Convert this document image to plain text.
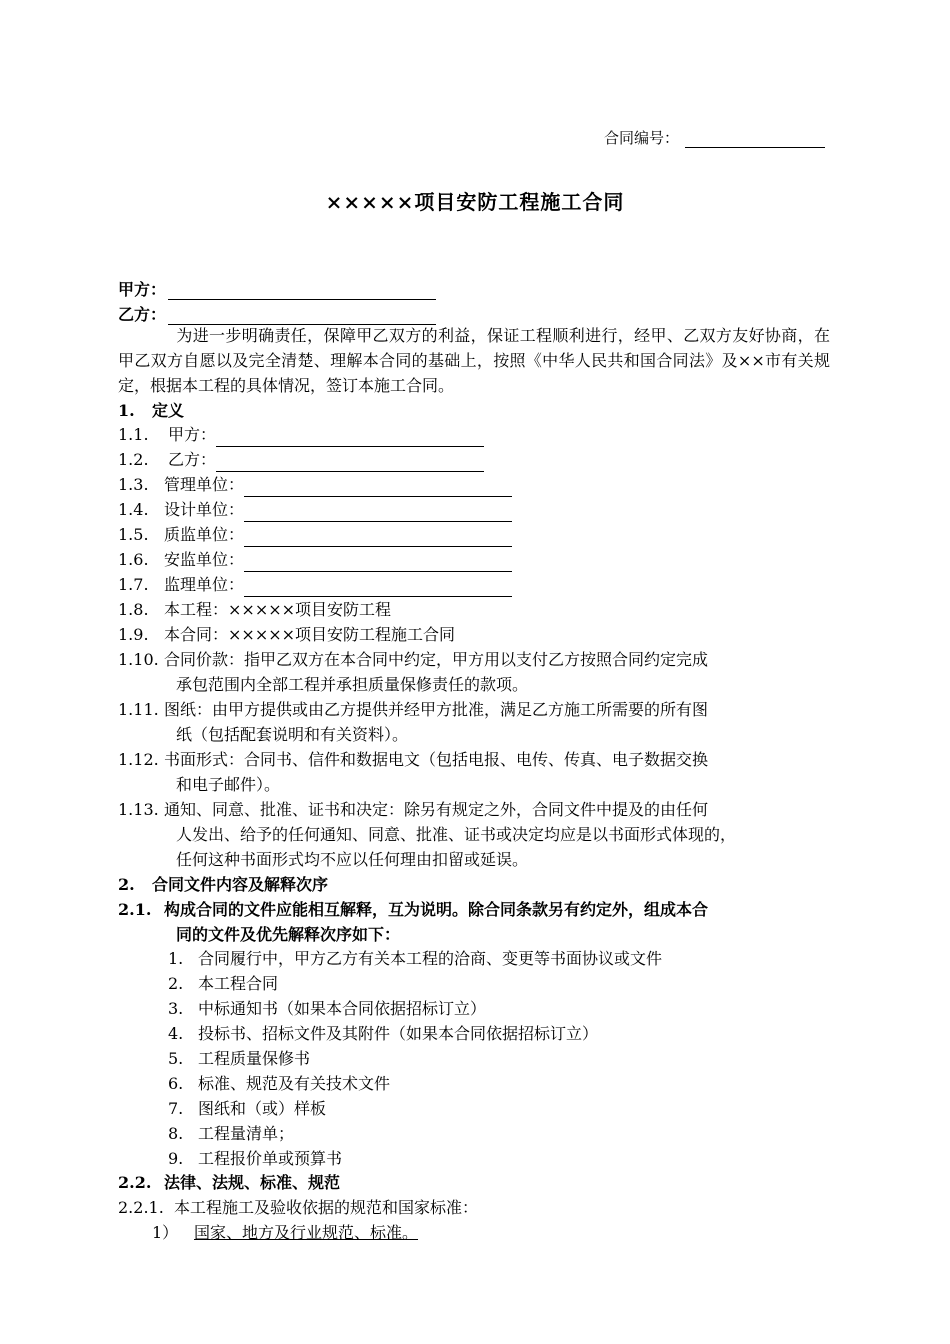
合同编号：
×××××项目安防工程施工合同
甲方：
乙方：
为进一步明确责任，保障甲乙双方的利益，保证工程顺利进行，经甲、乙双方友好协商，在甲乙双方自愿以及完全清楚、理解本合同的基础上，按照《中华人民共和国合同法》及××市有关规定，根据本工程的具体情况，签订本施工合同。
1. 定义
1.1. 甲方：
1.2. 乙方：
1.3. 管理单位：
1.4. 设计单位：
1.5. 质监单位：
1.6. 安监单位：
1.7. 监理单位：
1.8. 本工程：×××××项目安防工程
1.9. 本合同：×××××项目安防工程施工合同
1.10. 合同价款：指甲乙双方在本合同中约定，甲方用以支付乙方按照合同约定完成
承包范围内全部工程并承担质量保修责任的款项。
1.11. 图纸：由甲方提供或由乙方提供并经甲方批准，满足乙方施工所需要的所有图
纸（包括配套说明和有关资料）。
1.12. 书面形式：合同书、信件和数据电文（包括电报、电传、传真、电子数据交换
和电子邮件）。
1.13. 通知、同意、批准、证书和决定：除另有规定之外，合同文件中提及的由任何
人发出、给予的任何通知、同意、批准、证书或决定均应是以书面形式体现的，
任何这种书面形式均不应以任何理由扣留或延误。
2. 合同文件内容及解释次序
2.1. 构成合同的文件应能相互解释，互为说明。除合同条款另有约定外，组成本合
同的文件及优先解释次序如下：
1. 合同履行中，甲方乙方有关本工程的洽商、变更等书面协议或文件
2. 本工程合同
3. 中标通知书（如果本合同依据招标订立）
4. 投标书、招标文件及其附件（如果本合同依据招标订立）
5. 工程质量保修书
6. 标准、规范及有关技术文件
7. 图纸和（或）样板
8. 工程量清单；
9. 工程报价单或预算书
2.2. 法律、法规、标准、规范
2.2.1. 本工程施工及验收依据的规范和国家标准：
1） 国家、地方及行业规范、标准。
